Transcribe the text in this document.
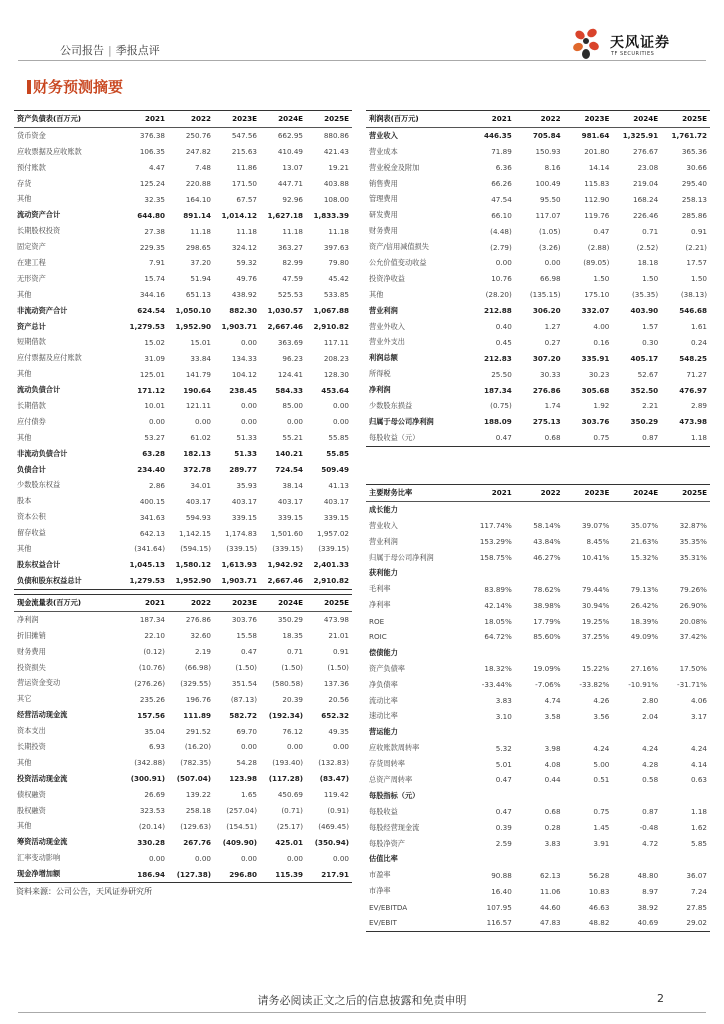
公司报告 | 季报点评	天风证券
TF SECURITIES
财务预测摘要
资产负债表(百万元)	2021	2022	2023E	2024E	2025E
货币资金	376.38	250.76	547.56	662.95	880.86
应收票据及应收账款	106.35	247.82	215.63	410.49	421.43
预付账款	4.47	7.48	11.86	13.07	19.21
存货	125.24	220.88	171.50	447.71	403.88
其他	32.35	164.10	67.57	92.96	108.00
流动资产合计	644.80	891.14	1,014.12	1,627.18	1,833.39
长期股权投资	27.38	11.18	11.18	11.18	11.18
固定资产	229.35	298.65	324.12	363.27	397.63
在建工程	7.91	37.20	59.32	82.99	79.80
无形资产	15.74	51.94	49.76	47.59	45.42
其他	344.16	651.13	438.92	525.53	533.85
非流动资产合计	624.54	1,050.10	882.30	1,030.57	1,067.88
资产总计	1,279.53	1,952.90	1,903.71	2,667.46	2,910.82
短期借款	15.02	15.01	0.00	363.69	117.11
应付票据及应付账款	31.09	33.84	134.33	96.23	208.23
其他	125.01	141.79	104.12	124.41	128.30
流动负债合计	171.12	190.64	238.45	584.33	453.64
长期借款	10.01	121.11	0.00	85.00	0.00
应付债券	0.00	0.00	0.00	0.00	0.00
其他	53.27	61.02	51.33	55.21	55.85
非流动负债合计	63.28	182.13	51.33	140.21	55.85
负债合计	234.40	372.78	289.77	724.54	509.49
少数股东权益	2.86	34.01	35.93	38.14	41.13
股本	400.15	403.17	403.17	403.17	403.17
资本公积	341.63	594.93	339.15	339.15	339.15
留存收益	642.13	1,142.15	1,174.83	1,501.60	1,957.02
其他	(341.64)	(594.15)	(339.15)	(339.15)	(339.15)
股东权益合计	1,045.13	1,580.12	1,613.93	1,942.92	2,401.33
负债和股东权益总计	1,279.53	1,952.90	1,903.71	2,667.46	2,910.82
利润表(百万元)	2021	2022	2023E	2024E	2025E
营业收入	446.35	705.84	981.64	1,325.91	1,761.72
营业成本	71.89	150.93	201.80	276.67	365.36
营业税金及附加	6.36	8.16	14.14	23.08	30.66
销售费用	66.26	100.49	115.83	219.04	295.40
管理费用	47.54	95.50	112.90	168.24	258.13
研发费用	66.10	117.07	119.76	226.46	285.86
财务费用	(4.48)	(1.05)	0.47	0.71	0.91
资产/信用减值损失	(2.79)	(3.26)	(2.88)	(2.52)	(2.21)
公允价值变动收益	0.00	0.00	(89.05)	18.18	17.57
投资净收益	10.76	66.98	1.50	1.50	1.50
其他	(28.20)	(135.15)	175.10	(35.35)	(38.13)
营业利润	212.88	306.20	332.07	403.90	546.68
营业外收入	0.40	1.27	4.00	1.57	1.61
营业外支出	0.45	0.27	0.16	0.30	0.24
利润总额	212.83	307.20	335.91	405.17	548.25
所得税	25.50	30.33	30.23	52.67	71.27
净利润	187.34	276.86	305.68	352.50	476.97
少数股东损益	(0.75)	1.74	1.92	2.21	2.89
归属于母公司净利润	188.09	275.13	303.76	350.29	473.98
每股收益（元）	0.47	0.68	0.75	0.87	1.18
主要财务比率	2021	2022	2023E	2024E	2025E
成长能力					
营业收入	117.74%	58.14%	39.07%	35.07%	32.87%
营业利润	153.29%	43.84%	8.45%	21.63%	35.35%
归属于母公司净利润	158.75%	46.27%	10.41%	15.32%	35.31%
获利能力					
毛利率	83.89%	78.62%	79.44%	79.13%	79.26%
净利率	42.14%	38.98%	30.94%	26.42%	26.90%
ROE	18.05%	17.79%	19.25%	18.39%	20.08%
ROIC	64.72%	85.60%	37.25%	49.09%	37.42%
偿债能力					
资产负债率	18.32%	19.09%	15.22%	27.16%	17.50%
净负债率	-33.44%	-7.06%	-33.82%	-10.91%	-31.71%
流动比率	3.83	4.74	4.26	2.80	4.06
速动比率	3.10	3.58	3.56	2.04	3.17
营运能力					
应收账款周转率	5.32	3.98	4.24	4.24	4.24
存货周转率	5.01	4.08	5.00	4.28	4.14
总资产周转率	0.47	0.44	0.51	0.58	0.63
每股指标（元）					
每股收益	0.47	0.68	0.75	0.87	1.18
每股经营现金流	0.39	0.28	1.45	-0.48	1.62
每股净资产	2.59	3.83	3.91	4.72	5.85
估值比率					
市盈率	90.88	62.13	56.28	48.80	36.07
市净率	16.40	11.06	10.83	8.97	7.24
EV/EBITDA	107.95	44.60	46.63	38.92	27.85
EV/EBIT	116.57	47.83	48.82	40.69	29.02
现金流量表(百万元)	2021	2022	2023E	2024E	2025E
净利润	187.34	276.86	303.76	350.29	473.98
折旧摊销	22.10	32.60	15.58	18.35	21.01
财务费用	(0.12)	2.19	0.47	0.71	0.91
投资损失	(10.76)	(66.98)	(1.50)	(1.50)	(1.50)
营运资金变动	(276.26)	(329.55)	351.54	(580.58)	137.36
其它	235.26	196.76	(87.13)	20.39	20.56
经营活动现金流	157.56	111.89	582.72	(192.34)	652.32
资本支出	35.04	291.52	69.70	76.12	49.35
长期投资	6.93	(16.20)	0.00	0.00	0.00
其他	(342.88)	(782.35)	54.28	(193.40)	(132.83)
投资活动现金流	(300.91)	(507.04)	123.98	(117.28)	(83.47)
债权融资	26.69	139.22	1.65	450.69	119.42
股权融资	323.53	258.18	(257.04)	(0.71)	(0.91)
其他	(20.14)	(129.63)	(154.51)	(25.17)	(469.45)
筹资活动现金流	330.28	267.76	(409.90)	425.01	(350.94)
汇率变动影响	0.00	0.00	0.00	0.00	0.00
现金净增加额	186.94	(127.38)	296.80	115.39	217.91
资料来源：公司公告，天风证券研究所
请务必阅读正文之后的信息披露和免责申明	2
